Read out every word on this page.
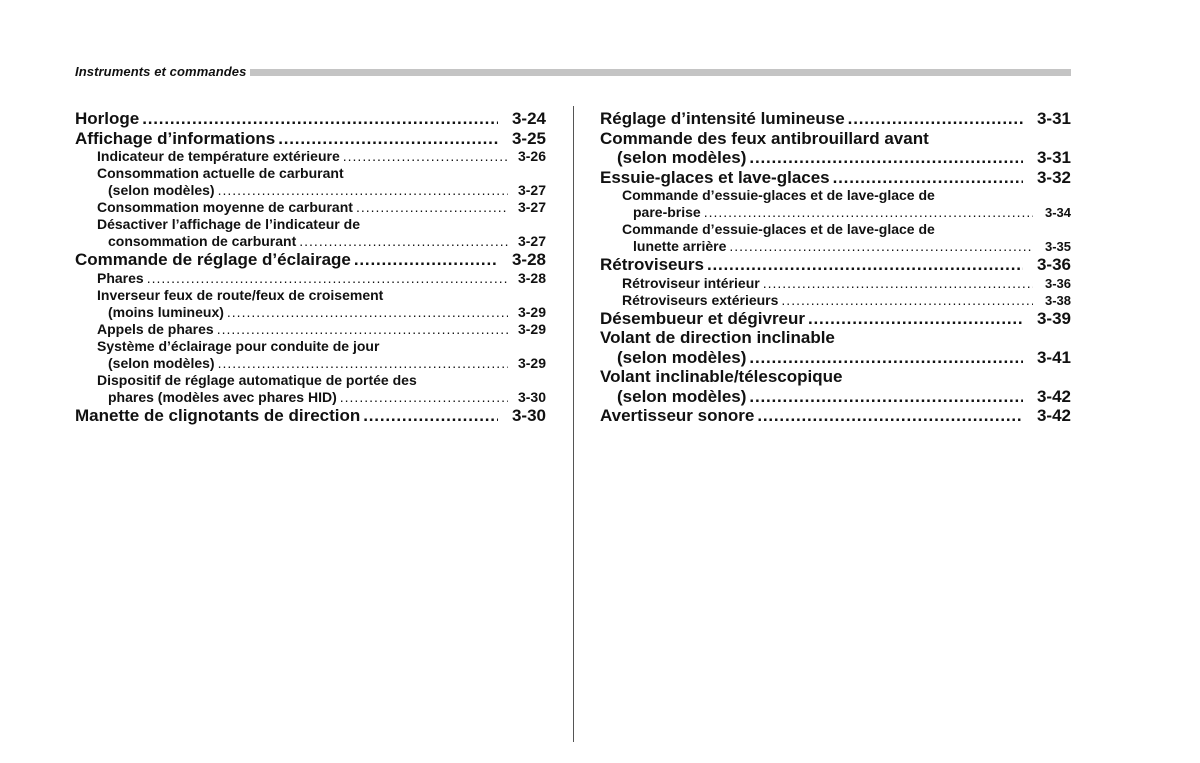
Instruments et commandes
Horloge .....	3-24
Affichage d’informations .....	3-25
Indicateur de température extérieure .....	3-26
Consommation actuelle de carburant
(selon modèles) .....	3-27
Consommation moyenne de carburant .....	3-27
Désactiver l’affichage de l’indicateur de
consommation de carburant .....	3-27
Commande de réglage d’éclairage .....	3-28
Phares .....	3-28
Inverseur feux de route/feux de croisement
(moins lumineux) .....	3-29
Appels de phares .....	3-29
Système d’éclairage pour conduite de jour
(selon modèles) .....	3-29
Dispositif de réglage automatique de portée des
phares (modèles avec phares HID) .....	3-30
Manette de clignotants de direction .....	3-30
Réglage d’intensité lumineuse .....	3-31
Commande des feux antibrouillard avant
(selon modèles) .....	3-31
Essuie-glaces et lave-glaces .....	3-32
Commande d’essuie-glaces et de lave-glace de
pare-brise .....	3-34
Commande d’essuie-glaces et de lave-glace de
lunette arrière .....	3-35
Rétroviseurs .....	3-36
Rétroviseur intérieur .....	3-36
Rétroviseurs extérieurs .....	3-38
Désembueur et dégivreur .....	3-39
Volant de direction inclinable
(selon modèles) .....	3-41
Volant inclinable/télescopique
(selon modèles) .....	3-42
Avertisseur sonore .....	3-42
